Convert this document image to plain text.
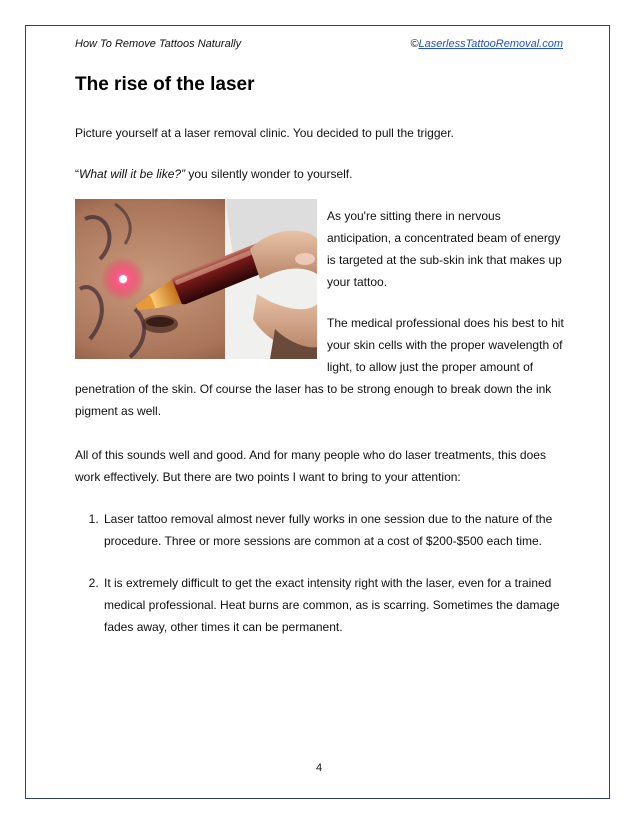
How To Remove Tattoos Naturally	©LaserlessTattooRemoval.com
The rise of the laser

Picture yourself at a laser removal clinic. You decided to pull the trigger.

“What will it be like?” you silently wonder to yourself.

As you're sitting there in nervous anticipation, a concentrated beam of energy is targeted at the sub-skin ink that makes up your tattoo.

The medical professional does his best to hit your skin cells with the proper wavelength of light, to allow just the proper amount of penetration of the skin. Of course the laser has to be strong enough to break down the ink pigment as well.

All of this sounds well and good. And for many people who do laser treatments, this does work effectively. But there are two points I want to bring to your attention:

1. Laser tattoo removal almost never fully works in one session due to the nature of the procedure. Three or more sessions are common at a cost of $200-$500 each time.
2. It is extremely difficult to get the exact intensity right with the laser, even for a trained medical professional. Heat burns are common, as is scarring. Sometimes the damage fades away, other times it can be permanent.
4
